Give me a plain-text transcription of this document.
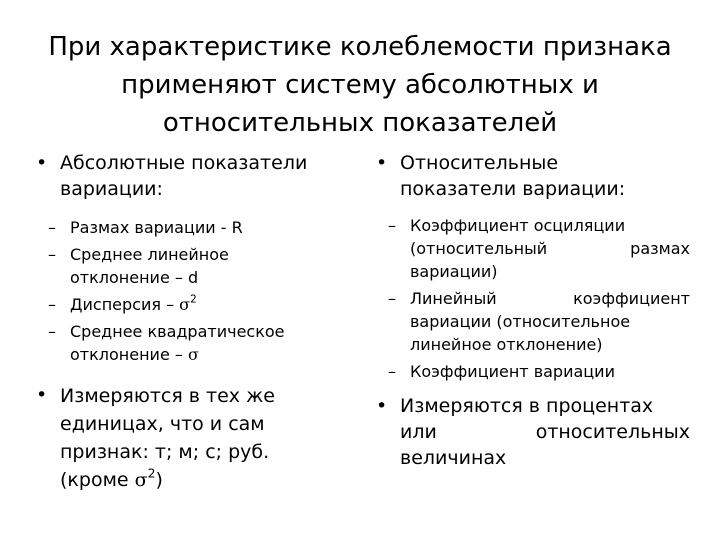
При характеристике колеблемости признака
применяют систему абсолютных и
относительных показателей
• Абсолютные показатели
вариации:
– Размах вариации - R
– Среднее линейное
отклонение – d
– Дисперсия – $\sigma^2$
– Среднее квадратическое
отклонение – σ
• Измеряются в тех же
единицах, что и сам
признак: т; м; с; руб.
(кроме $\sigma^2$)
• Относительные
показатели вариации:
– Коэффициент осциляции
(относительный размах
вариации)
– Линейный коэффициент
вариации (относительное
линейное отклонение)
– Коэффициент вариации
• Измеряются в процентах
или относительных
величинах
